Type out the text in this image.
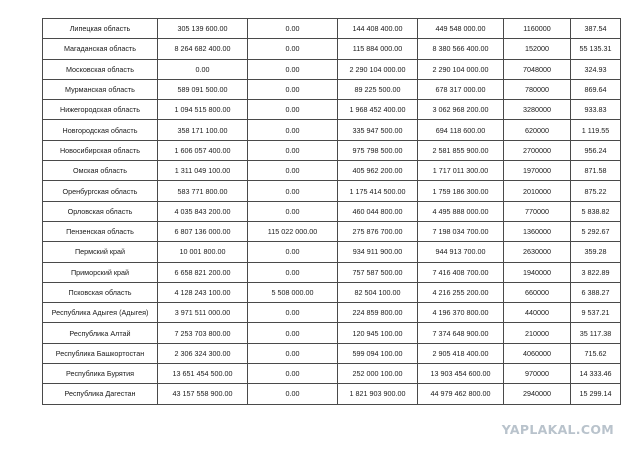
Липецкая область	305 139 600.00	0.00	144 408 400.00	449 548 000.00	1160000	387.54
Магаданская область	8 264 682 400.00	0.00	115 884 000.00	8 380 566 400.00	152000	55 135.31
Московская область	0.00	0.00	2 290 104 000.00	2 290 104 000.00	7048000	324.93
Мурманская область	589 091 500.00	0.00	89 225 500.00	678 317 000.00	780000	869.64
Нижегородская область	1 094 515 800.00	0.00	1 968 452 400.00	3 062 968 200.00	3280000	933.83
Новгородская область	358 171 100.00	0.00	335 947 500.00	694 118 600.00	620000	1 119.55
Новосибирская область	1 606 057 400.00	0.00	975 798 500.00	2 581 855 900.00	2700000	956.24
Омская область	1 311 049 100.00	0.00	405 962 200.00	1 717 011 300.00	1970000	871.58
Оренбургская область	583 771 800.00	0.00	1 175 414 500.00	1 759 186 300.00	2010000	875.22
Орловская область	4 035 843 200.00	0.00	460 044 800.00	4 495 888 000.00	770000	5 838.82
Пензенская область	6 807 136 000.00	115 022 000.00	275 876 700.00	7 198 034 700.00	1360000	5 292.67
Пермский край	10 001 800.00	0.00	934 911 900.00	944 913 700.00	2630000	359.28
Приморский край	6 658 821 200.00	0.00	757 587 500.00	7 416 408 700.00	1940000	3 822.89
Псковская область	4 128 243 100.00	5 508 000.00	82 504 100.00	4 216 255 200.00	660000	6 388.27
Республика Адыгея (Адыгея)	3 971 511 000.00	0.00	224 859 800.00	4 196 370 800.00	440000	9 537.21
Республика Алтай	7 253 703 800.00	0.00	120 945 100.00	7 374 648 900.00	210000	35 117.38
Республика Башкортостан	2 306 324 300.00	0.00	599 094 100.00	2 905 418 400.00	4060000	715.62
Республика Бурятия	13 651 454 500.00	0.00	252 000 100.00	13 903 454 600.00	970000	14 333.46
Республика Дагестан	43 157 558 900.00	0.00	1 821 903 900.00	44 979 462 800.00	2940000	15 299.14
YAPLAKAL.COM
